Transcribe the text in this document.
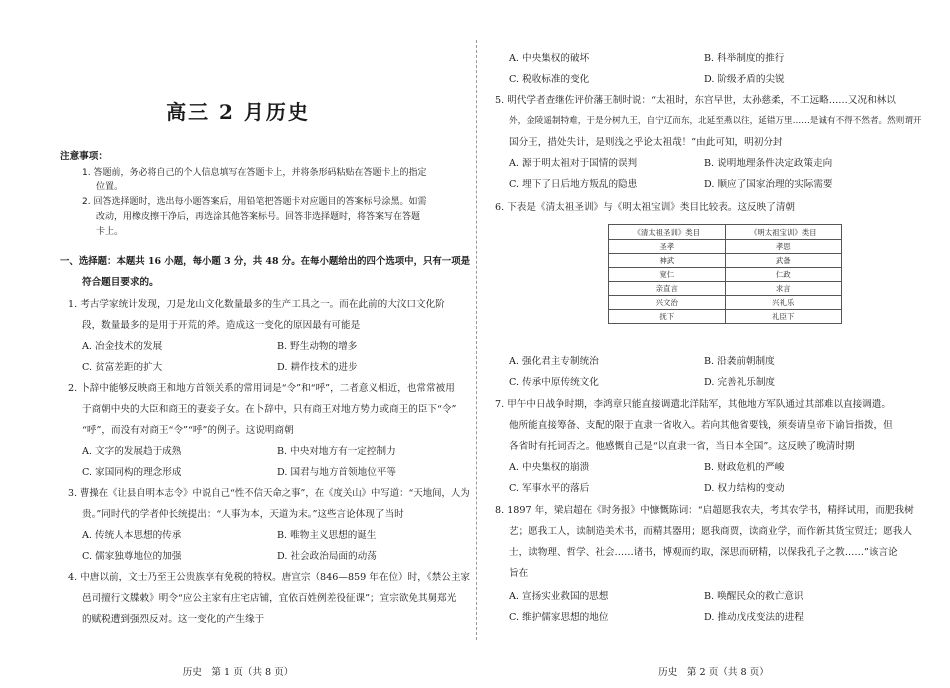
高三 2 月历史
注意事项：
1. 答题前，务必将自己的个人信息填写在答题卡上，并将条形码粘贴在答题卡上的指定
位置。
2. 回答选择题时，选出每小题答案后，用铅笔把答题卡对应题目的答案标号涂黑。如需
改动，用橡皮擦干净后，再选涂其他答案标号。回答非选择题时，将答案写在答题
卡上。
一、选择题：本题共 16 小题，每小题 3 分，共 48 分。在每小题给出的四个选项中，只有一项是
符合题目要求的。
1. 考古学家统计发现，刀是龙山文化数量最多的生产工具之一。而在此前的大汶口文化阶
段，数量最多的是用于开荒的斧。造成这一变化的原因最有可能是
A. 冶金技术的发展	B. 野生动物的增多
C. 贫富差距的扩大	D. 耕作技术的进步
2. 卜辞中能够反映商王和地方首领关系的常用词是“令”和“呼”，二者意义相近，也常常被用
于商朝中央的大臣和商王的妻妾子女。在卜辞中，只有商王对地方势力或商王的臣下“令”
“呼”，而没有对商王“令”“呼”的例子。这说明商朝
A. 文字的发展趋于成熟	B. 中央对地方有一定控制力
C. 家国同构的理念形成	D. 国君与地方首领地位平等
3. 曹操在《让县自明本志令》中说自己“性不信天命之事”，在《度关山》中写道：“天地间，人为
贵。”同时代的学者仲长统提出：“人事为本，天道为末。”这些言论体现了当时
A. 传统人本思想的传承	B. 唯物主义思想的诞生
C. 儒家独尊地位的加强	D. 社会政治局面的动荡
4. 中唐以前，文士乃至王公贵族享有免税的特权。唐宣宗（846—859 年在位）时，《禁公主家
邑司擅行文牒敕》明令“应公主家有庄宅店铺，宜依百姓例差役征课”；宣宗欲免其舅郑光
的赋税遭到强烈反对。这一变化的产生缘于
历史　第 1 页（共 8 页）
A. 中央集权的破坏	B. 科举制度的推行
C. 税收标准的变化	D. 阶级矛盾的尖锐
5. 明代学者查继佐评价藩王制时说：“太祖时，东宫早世，太孙慈柔，不工远略……又况和林以
外，金陵遥制特难，于是分树九王，自宁辽而东，北延至燕以往，延错万里……是诚有不得不然者。然则谓开
国分王，措处失计，是则浅之乎论太祖哉！”由此可知，明初分封
A. 源于明太祖对于国情的误判	B. 说明地理条件决定政策走向
C. 埋下了日后地方叛乱的隐患	D. 顺应了国家治理的实际需要
6. 下表是《清太祖圣训》与《明太祖宝训》类目比较表。这反映了清朝
《清太祖圣训》类目	《明太祖宝训》类目
圣孝	孝思
神武	武备
宽仁	仁政
亲直言	求言
兴文治	兴礼乐
抚下	礼臣下
A. 强化君主专制统治	B. 沿袭前朝制度
C. 传承中原传统文化	D. 完善礼乐制度
7. 甲午中日战争时期，李鸿章只能直接调遣北洋陆军，其他地方军队通过其部难以直接调遣。
他所能直接筹备、支配的限于直隶一省收入。若向其他省要钱，须奏请皇帝下谕旨指拨，但
各省时有托词否之。他感慨自己是“以直隶一省，当日本全国”。这反映了晚清时期
A. 中央集权的崩溃	B. 财政危机的严峻
C. 军事水平的落后	D. 权力结构的变动
8. 1897 年，梁启超在《时务报》中慷慨陈词：“启超愿我农夫，考其农学书，精择试用，而肥我树
艺；愿我工人，读制造美术书，而精其器用；愿我商贾，读商业学，而作新其货宝贸迁；愿我人
士，读物理、哲学、社会……诸书，博观而约取，深思而研精，以保我孔子之教……”该言论
旨在
A. 宣扬实业救国的思想	B. 唤醒民众的救亡意识
C. 维护儒家思想的地位	D. 推动戊戌变法的进程
历史　第 2 页（共 8 页）
